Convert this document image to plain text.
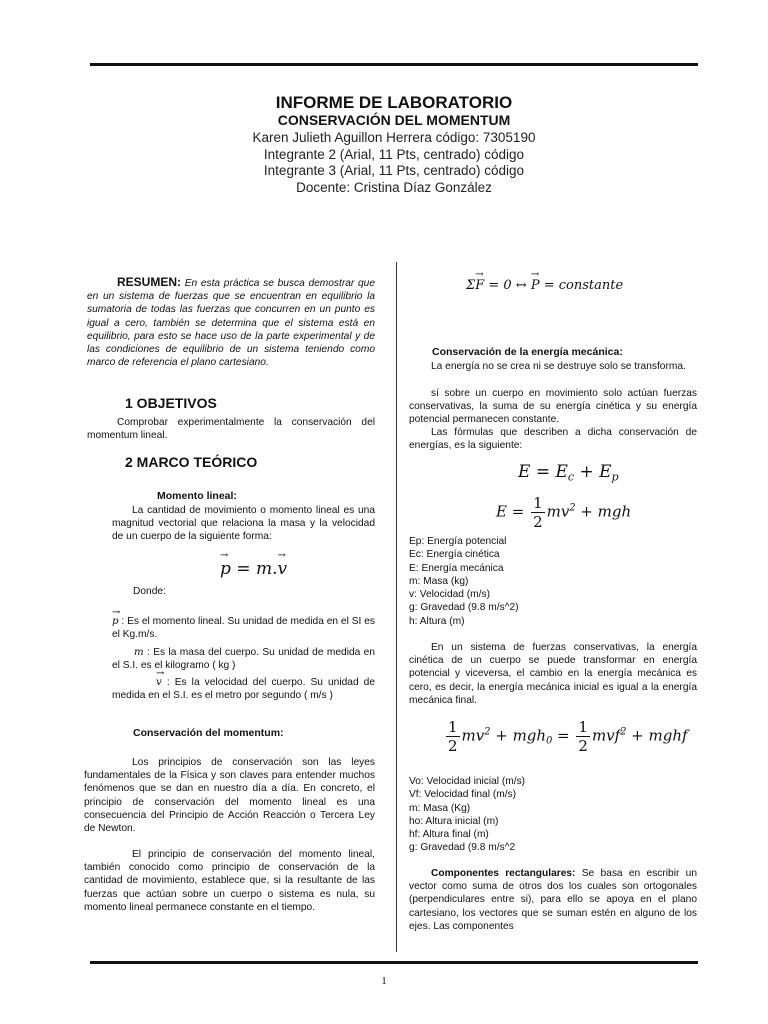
INFORME DE LABORATORIO
CONSERVACIÓN DEL MOMENTUM
Karen Julieth Aguillon Herrera código: 7305190
Integrante 2 (Arial, 11 Pts, centrado) código
Integrante 3 (Arial, 11 Pts, centrado) código
Docente: Cristina Díaz González
RESUMEN: En esta práctica se busca demostrar que en un sistema de fuerzas que se encuentran en equilibrio la sumatoria de todas las fuerzas que concurren en un punto es igual a cero, también se determina que el sistema está en equilibrio, para esto se hace uso de la parte experimental y de las condiciones de equilibrio de un sistema teniendo como marco de referencia el plano cartesiano.
1 OBJETIVOS
Comprobar experimentalmente la conservación del momentum lineal.
2 MARCO TEÓRICO
Momento lineal:
La cantidad de movimiento o momento lineal es una magnitud vectorial que relaciona la masa y la velocidad de un cuerpo de la siguiente forma:
→ p = m.→ v
Donde:
→ p : Es el momento lineal. Su unidad de medida en el SI es el Kg.m/s.
m : Es la masa del cuerpo. Su unidad de medida en el S.I. es el kilogramo ( kg )
→ v : Es la velocidad del cuerpo. Su unidad de medida en el S.I. es el metro por segundo ( m/s )
Conservación del momentum:
Los principios de conservación son las leyes fundamentales de la Física y son claves para entender muchos fenómenos que se dan en nuestro día a día. En concreto, el principio de conservación del momento lineal es una consecuencia del Principio de Acción Reacción o Tercera Ley de Newton.
El principio de conservación del momento lineal, también conocido como principio de conservación de la cantidad de movimiento, establece que, si la resultante de las fuerzas que actúan sobre un cuerpo o sistema es nula, su momento lineal permanece constante en el tiempo.
Σ→ F = 0 ↔ → P = constante
Conservación de la energía mecánica:
La energía no se crea ni se destruye solo se transforma.
sí sobre un cuerpo en movimiento solo actúan fuerzas conservativas, la suma de su energía cinética y su energía potencial permanecen constante.
Las fórmulas que describen a dicha conservación de energías, es la siguiente:
$E = E_c + E_p$
$E = \frac{1}{2} mv^2$ + mgh
Ep: Energía potencial
Ec: Energía cinética
E: Energía mecánica
m: Masa (kg)
v: Velocidad (m/s)
g: Gravedad (9.8 m/s^2)
h: Altura (m)
En un sistema de fuerzas conservativas, la energía cinética de un cuerpo se puede transformar en energía potencial y viceversa, el cambio en la energía mecánica es cero, es decir, la energía mecánica inicial es igual a la energía mecánica final.
$\frac{1}{2} mv^2 + mgh_0 = \frac{1}{2} mvf^2$ + mghf
Vo: Velocidad inicial (m/s)
Vf: Velocidad final (m/s)
m: Masa (Kg)
ho: Altura inicial (m)
hf: Altura final (m)
g: Gravedad (9.8 m/s^2
Componentes rectangulares: Se basa en escribir un vector como suma de otros dos los cuales son ortogonales (perpendiculares entre si), para ello se apoya en el plano cartesiano, los vectores que se suman estén en alguno de los ejes. Las componentes
1
